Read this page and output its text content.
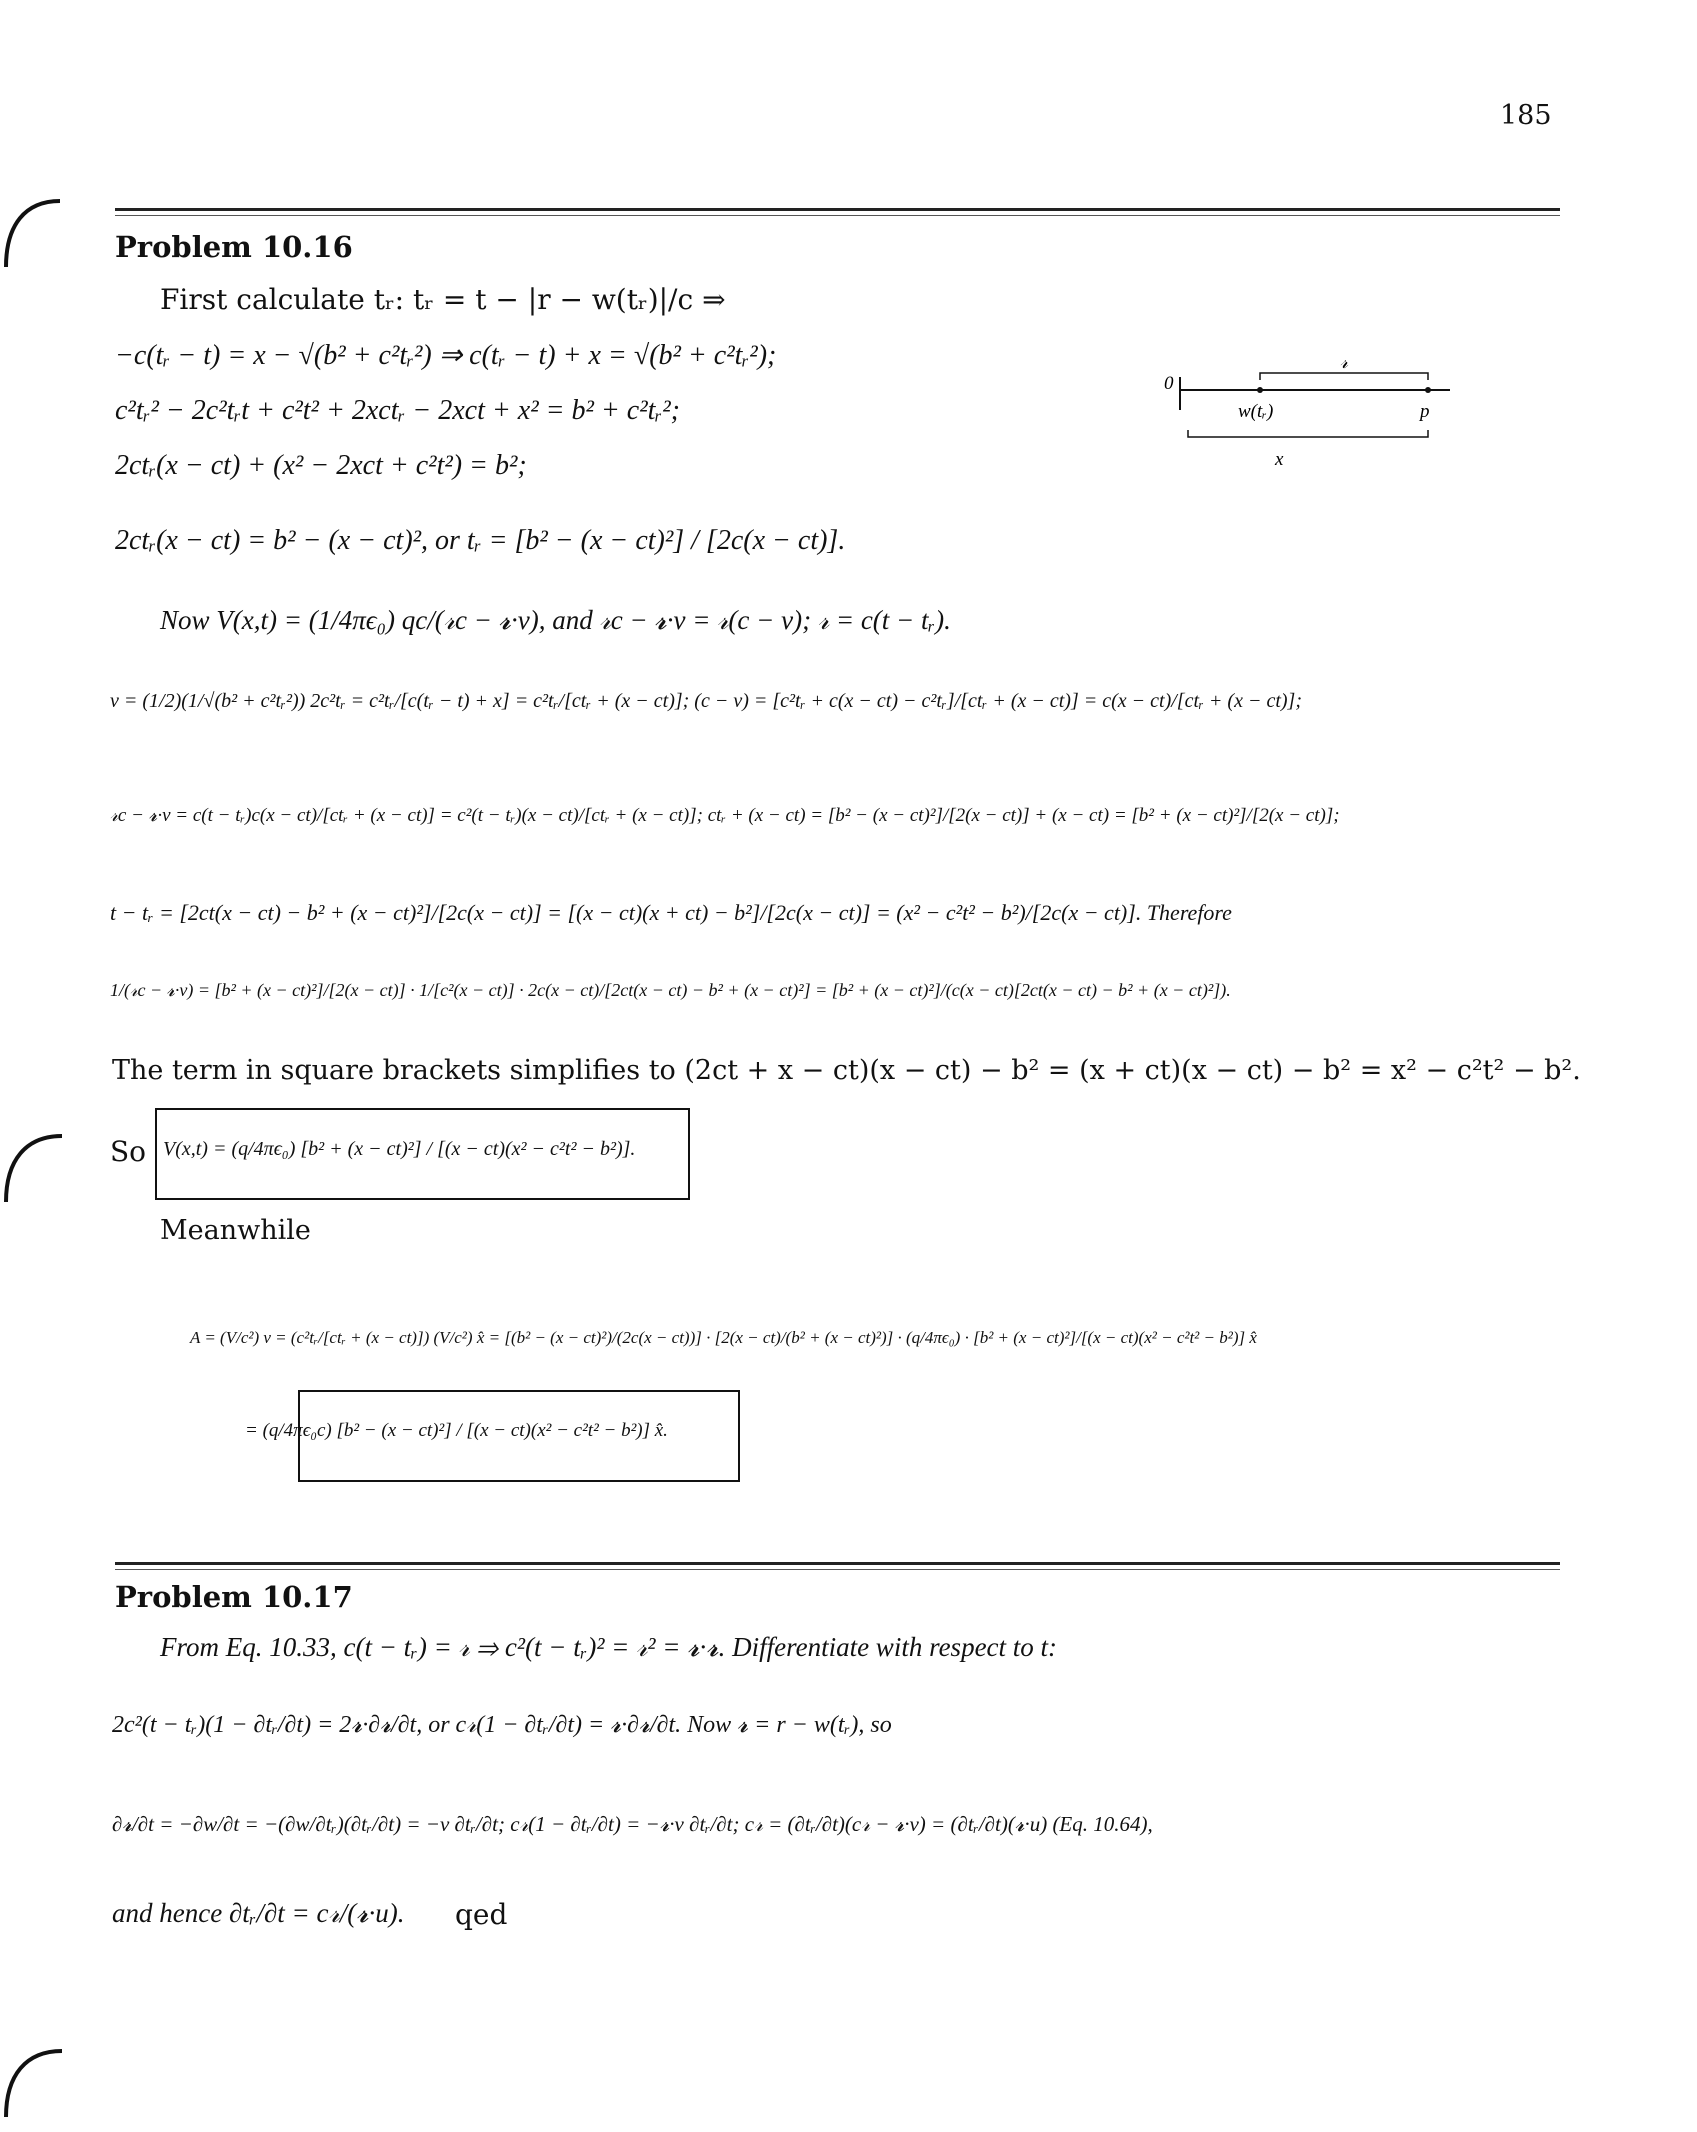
185
Problem 10.16
First calculate tᵣ: tᵣ = t − |r − w(tᵣ)|/c ⇒
−c(tᵣ − t) = x − √(b² + c²tᵣ²) ⇒ c(tᵣ − t) + x = √(b² + c²tᵣ²);
c²tᵣ² − 2c²tᵣt + c²t² + 2xctᵣ − 2xct + x² = b² + c²tᵣ²;
2ctᵣ(x − ct) + (x² − 2xct + c²t²) = b²;
2ctᵣ(x − ct) = b² − (x − ct)², or tᵣ = [b² − (x − ct)²] / [2c(x − ct)].
0
w(tᵣ)	p
𝓇
x
Now V(x,t) = (1/4πϵ₀) qc/(𝓇c − 𝓻·v), and 𝓇c − 𝓻·v = 𝓇(c − v); 𝓇 = c(t − tᵣ).
v = (1/2)(1/√(b² + c²tᵣ²)) 2c²tᵣ = c²tᵣ/[c(tᵣ − t) + x] = c²tᵣ/[ctᵣ + (x − ct)]; (c − v) = [c²tᵣ + c(x − ct) − c²tᵣ]/[ctᵣ + (x − ct)] = c(x − ct)/[ctᵣ + (x − ct)];
𝓇c − 𝓻·v = c(t − tᵣ)c(x − ct)/[ctᵣ + (x − ct)] = c²(t − tᵣ)(x − ct)/[ctᵣ + (x − ct)]; ctᵣ + (x − ct) = [b² − (x − ct)²]/[2(x − ct)] + (x − ct) = [b² + (x − ct)²]/[2(x − ct)];
t − tᵣ = [2ct(x − ct) − b² + (x − ct)²]/[2c(x − ct)] = [(x − ct)(x + ct) − b²]/[2c(x − ct)] = (x² − c²t² − b²)/[2c(x − ct)]. Therefore
1/(𝓇c − 𝓻·v) = [b² + (x − ct)²]/[2(x − ct)] · 1/[c²(x − ct)] · 2c(x − ct)/[2ct(x − ct) − b² + (x − ct)²] = [b² + (x − ct)²]/(c(x − ct)[2ct(x − ct) − b² + (x − ct)²]).
The term in square brackets simplifies to (2ct + x − ct)(x − ct) − b² = (x + ct)(x − ct) − b² = x² − c²t² − b².
So V(x,t) = (q/4πϵ₀) [b² + (x − ct)²] / [(x − ct)(x² − c²t² − b²)].
Meanwhile
A = (V/c²) v = (c²tᵣ/[ctᵣ + (x − ct)]) (V/c²) x̂ = [(b² − (x − ct)²)/(2c(x − ct))] · [2(x − ct)/(b² + (x − ct)²)] · (q/4πϵ₀) · [b² + (x − ct)²]/[(x − ct)(x² − c²t² − b²)] x̂
= (q/4πϵ₀c) [b² − (x − ct)²] / [(x − ct)(x² − c²t² − b²)] x̂.
Problem 10.17
From Eq. 10.33, c(t − tᵣ) = 𝓇 ⇒ c²(t − tᵣ)² = 𝓇² = 𝓻·𝓻. Differentiate with respect to t:
2c²(t − tᵣ)(1 − ∂tᵣ/∂t) = 2𝓻·∂𝓻/∂t, or c𝓇(1 − ∂tᵣ/∂t) = 𝓻·∂𝓻/∂t. Now 𝓻 = r − w(tᵣ), so
∂𝓻/∂t = −∂w/∂t = −(∂w/∂tᵣ)(∂tᵣ/∂t) = −v ∂tᵣ/∂t; c𝓇(1 − ∂tᵣ/∂t) = −𝓻·v ∂tᵣ/∂t; c𝓇 = (∂tᵣ/∂t)(c𝓇 − 𝓻·v) = (∂tᵣ/∂t)(𝓻·u) (Eq. 10.64),
and hence ∂tᵣ/∂t = c𝓇/(𝓻·u). qed
